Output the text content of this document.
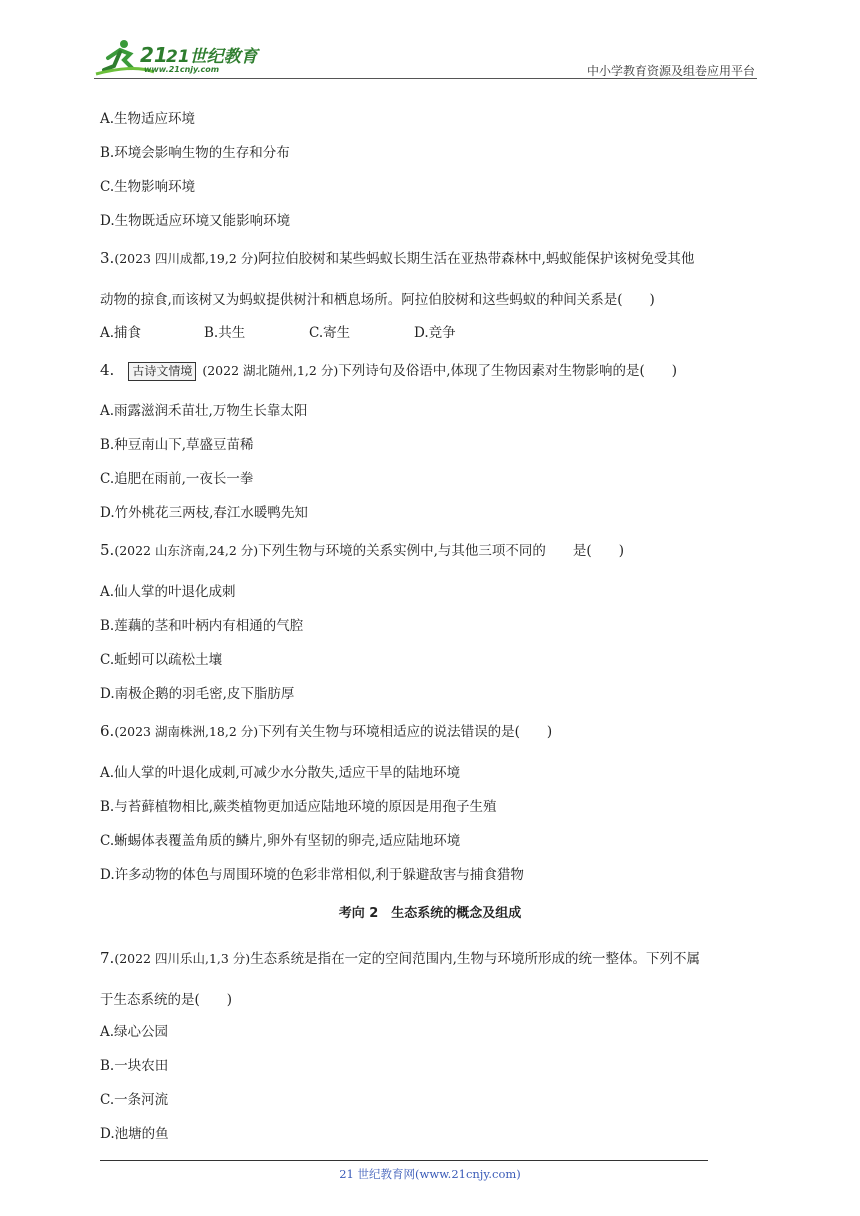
21
21世纪教育
www.21cnjy.com	中小学教育资源及组卷应用平台
A.生物适应环境
B.环境会影响生物的生存和分布
C.生物影响环境
D.生物既适应环境又能影响环境
3.(2023 四川成都,19,2 分)阿拉伯胶树和某些蚂蚁长期生活在亚热带森林中,蚂蚁能保护该树免受其他
动物的掠食,而该树又为蚂蚁提供树汁和栖息场所。阿拉伯胶树和这些蚂蚁的种间关系是(　　)
A.捕食	B.共生	C.寄生	D.竞争
4. 古诗文情境 (2022 湖北随州,1,2 分)下列诗句及俗语中,体现了生物因素对生物影响的是(　　)
A.雨露滋润禾苗壮,万物生长靠太阳
B.种豆南山下,草盛豆苗稀
C.追肥在雨前,一夜长一拳
D.竹外桃花三两枝,春江水暖鸭先知
5.(2022 山东济南,24,2 分)下列生物与环境的关系实例中,与其他三项不同的　　是(　　)
A.仙人掌的叶退化成刺
B.莲藕的茎和叶柄内有相通的气腔
C.蚯蚓可以疏松土壤
D.南极企鹅的羽毛密,皮下脂肪厚
6.(2023 湖南株洲,18,2 分)下列有关生物与环境相适应的说法错误的是(　　)
A.仙人掌的叶退化成刺,可减少水分散失,适应干旱的陆地环境
B.与苔藓植物相比,蕨类植物更加适应陆地环境的原因是用孢子生殖
C.蜥蜴体表覆盖角质的鳞片,卵外有坚韧的卵壳,适应陆地环境
D.许多动物的体色与周围环境的色彩非常相似,利于躲避敌害与捕食猎物
考向 2　生态系统的概念及组成
7.(2022 四川乐山,1,3 分)生态系统是指在一定的空间范围内,生物与环境所形成的统一整体。下列不属
于生态系统的是(　　)
A.绿心公园
B.一块农田
C.一条河流
D.池塘的鱼
21 世纪教育网(www.21cnjy.com)
